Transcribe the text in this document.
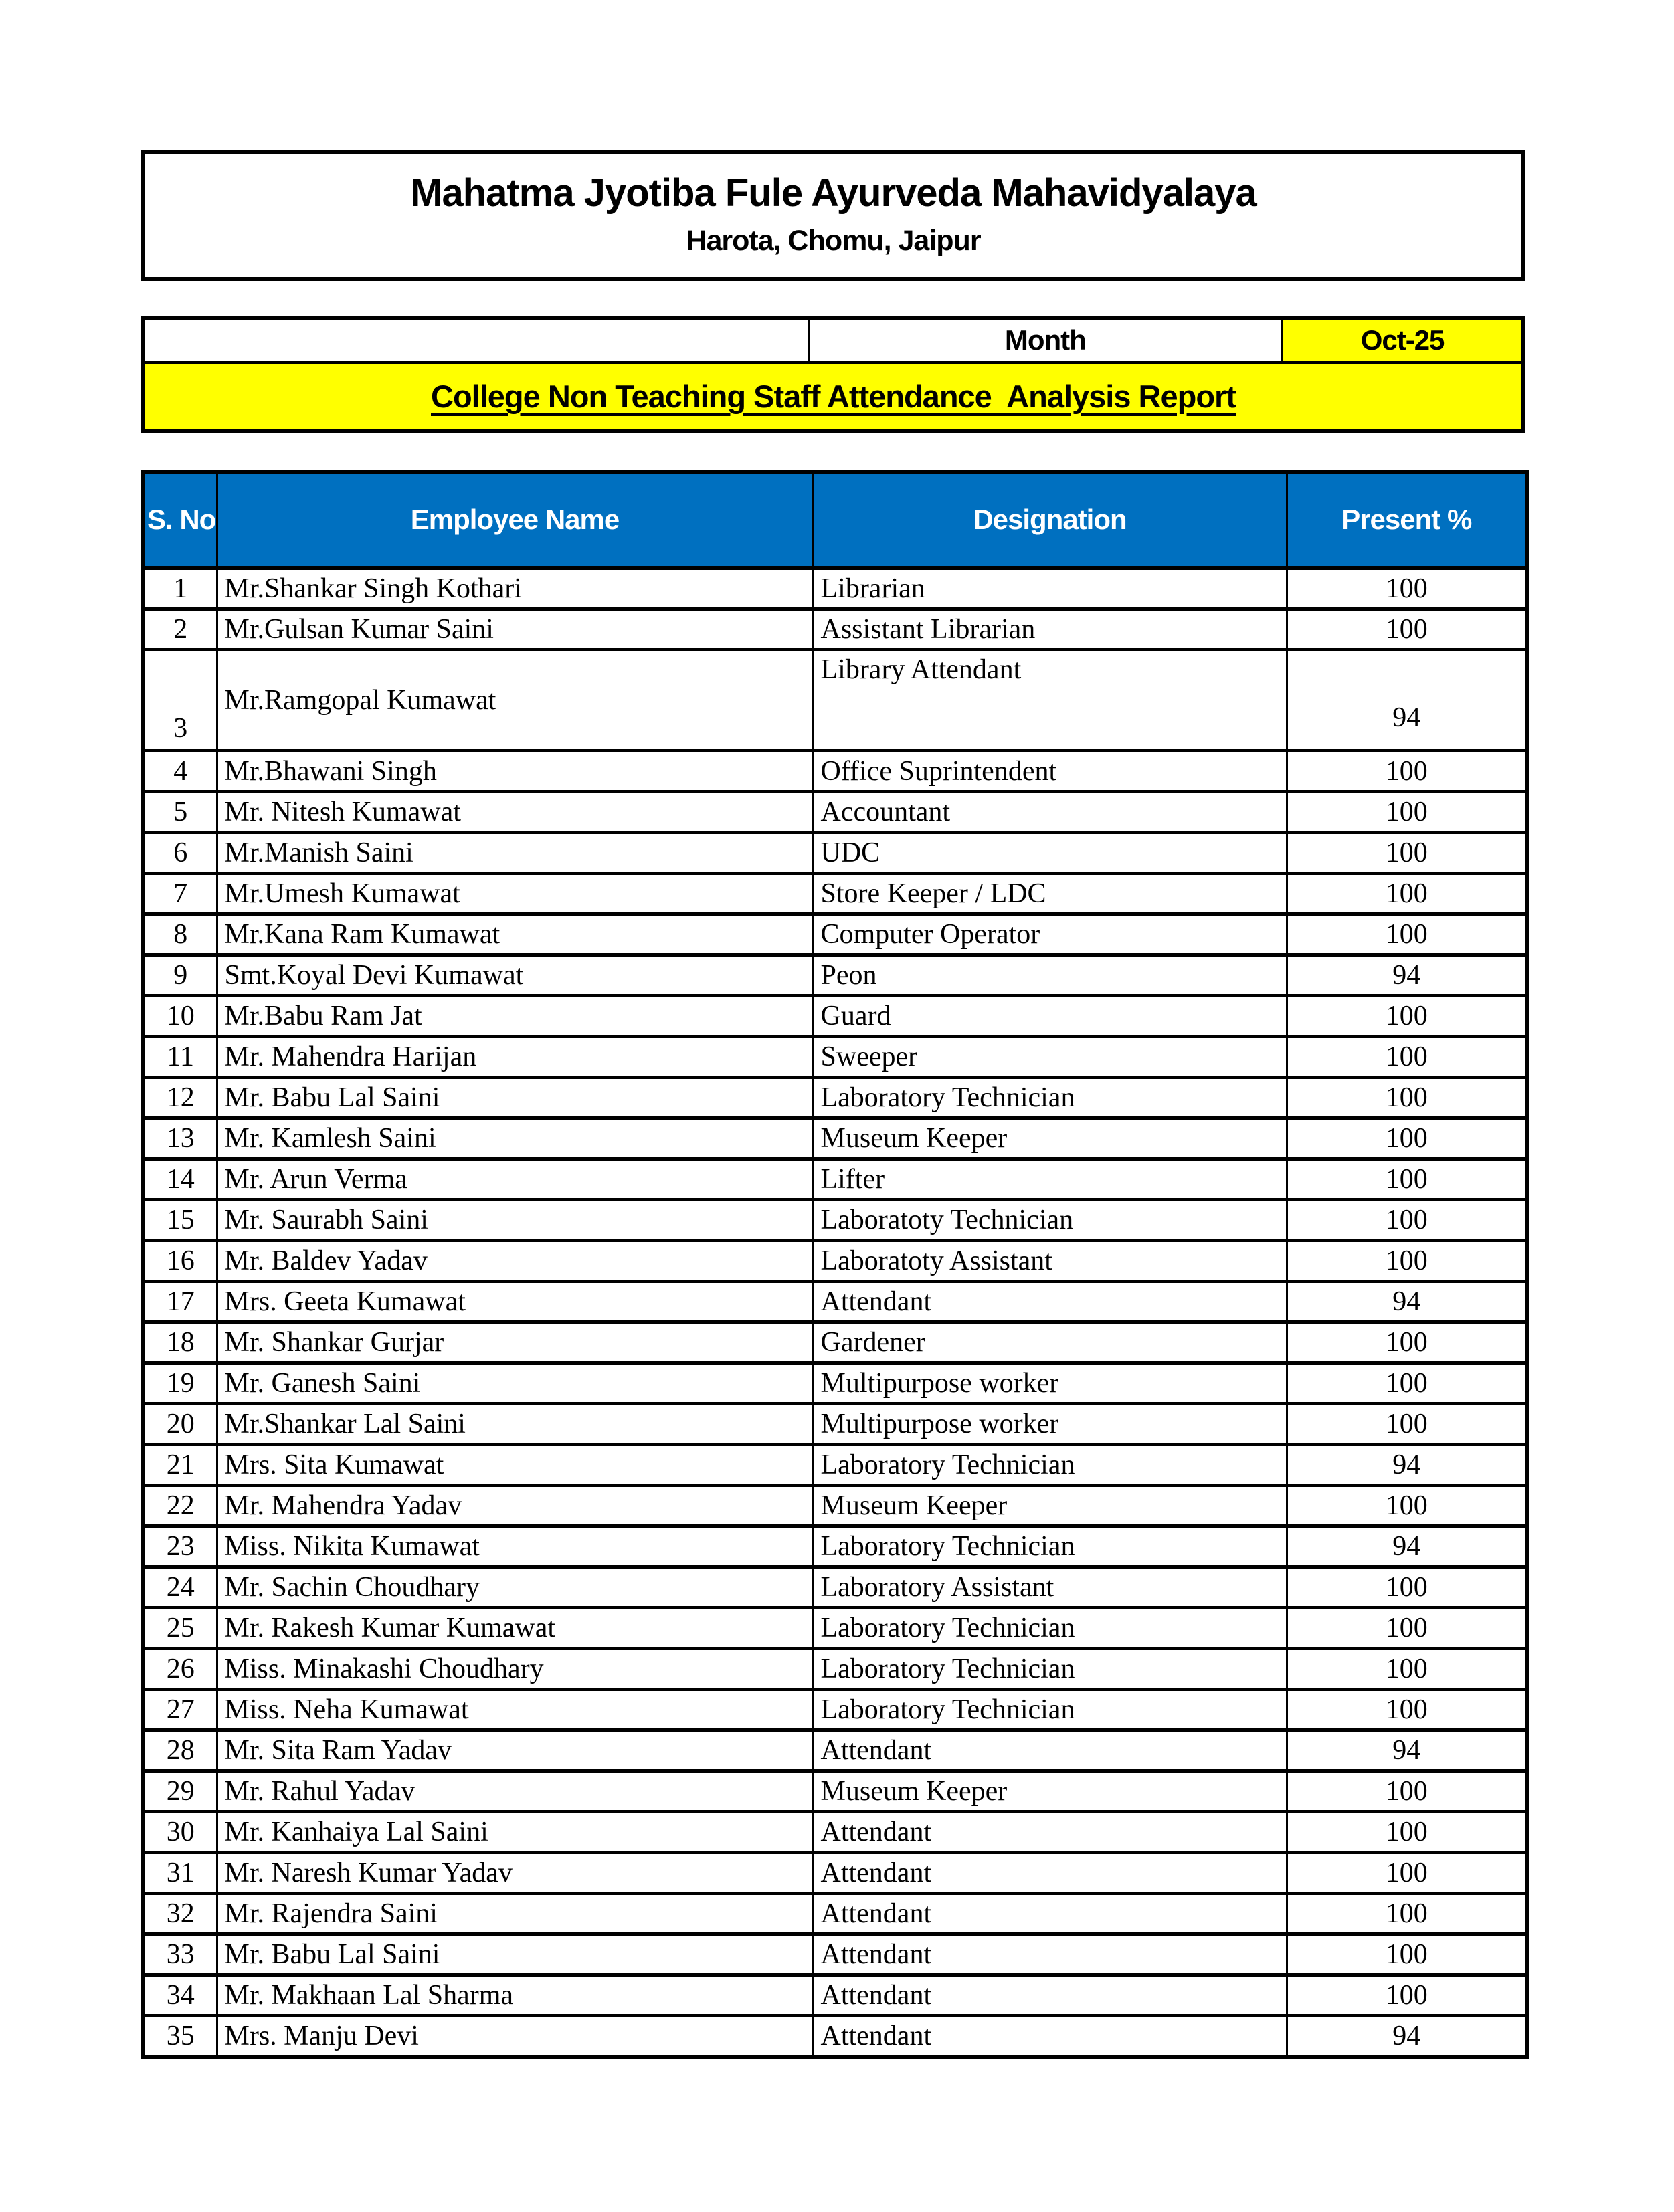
Mahatma Jyotiba Fule Ayurveda Mahavidyalaya
Harota, Chomu, Jaipur
Month	Oct-25
College Non Teaching Staff Attendance  Analysis Report
S. No	Employee Name	Designation	Present %
1	Mr.Shankar Singh Kothari	Librarian	100
2	Mr.Gulsan Kumar Saini	Assistant Librarian	100
3	Mr.Ramgopal Kumawat	Library Attendant	94
4	Mr.Bhawani Singh	Office Suprintendent	100
5	Mr. Nitesh Kumawat	Accountant	100
6	Mr.Manish Saini	UDC	100
7	Mr.Umesh Kumawat	Store Keeper / LDC	100
8	Mr.Kana Ram Kumawat	Computer Operator	100
9	Smt.Koyal Devi Kumawat	Peon	94
10	Mr.Babu Ram Jat	Guard	100
11	Mr. Mahendra Harijan	Sweeper	100
12	Mr. Babu Lal Saini	Laboratory Technician	100
13	Mr. Kamlesh Saini	Museum Keeper	100
14	Mr. Arun Verma	Lifter	100
15	Mr. Saurabh Saini	Laboratoty Technician	100
16	Mr. Baldev Yadav	Laboratoty Assistant	100
17	Mrs. Geeta Kumawat	Attendant	94
18	Mr. Shankar Gurjar	Gardener	100
19	Mr. Ganesh Saini	Multipurpose worker	100
20	Mr.Shankar Lal Saini	Multipurpose worker	100
21	Mrs. Sita Kumawat	Laboratory Technician	94
22	Mr. Mahendra Yadav	Museum Keeper	100
23	Miss. Nikita Kumawat	Laboratory Technician	94
24	Mr. Sachin Choudhary	Laboratory Assistant	100
25	Mr. Rakesh Kumar Kumawat	Laboratory Technician	100
26	Miss. Minakashi Choudhary	Laboratory Technician	100
27	Miss. Neha Kumawat	Laboratory Technician	100
28	Mr. Sita Ram Yadav	Attendant	94
29	Mr. Rahul Yadav	Museum Keeper	100
30	Mr. Kanhaiya Lal Saini	Attendant	100
31	Mr. Naresh Kumar Yadav	Attendant	100
32	Mr. Rajendra Saini	Attendant	100
33	Mr. Babu Lal Saini	Attendant	100
34	Mr. Makhaan Lal Sharma	Attendant	100
35	Mrs. Manju Devi	Attendant	94
